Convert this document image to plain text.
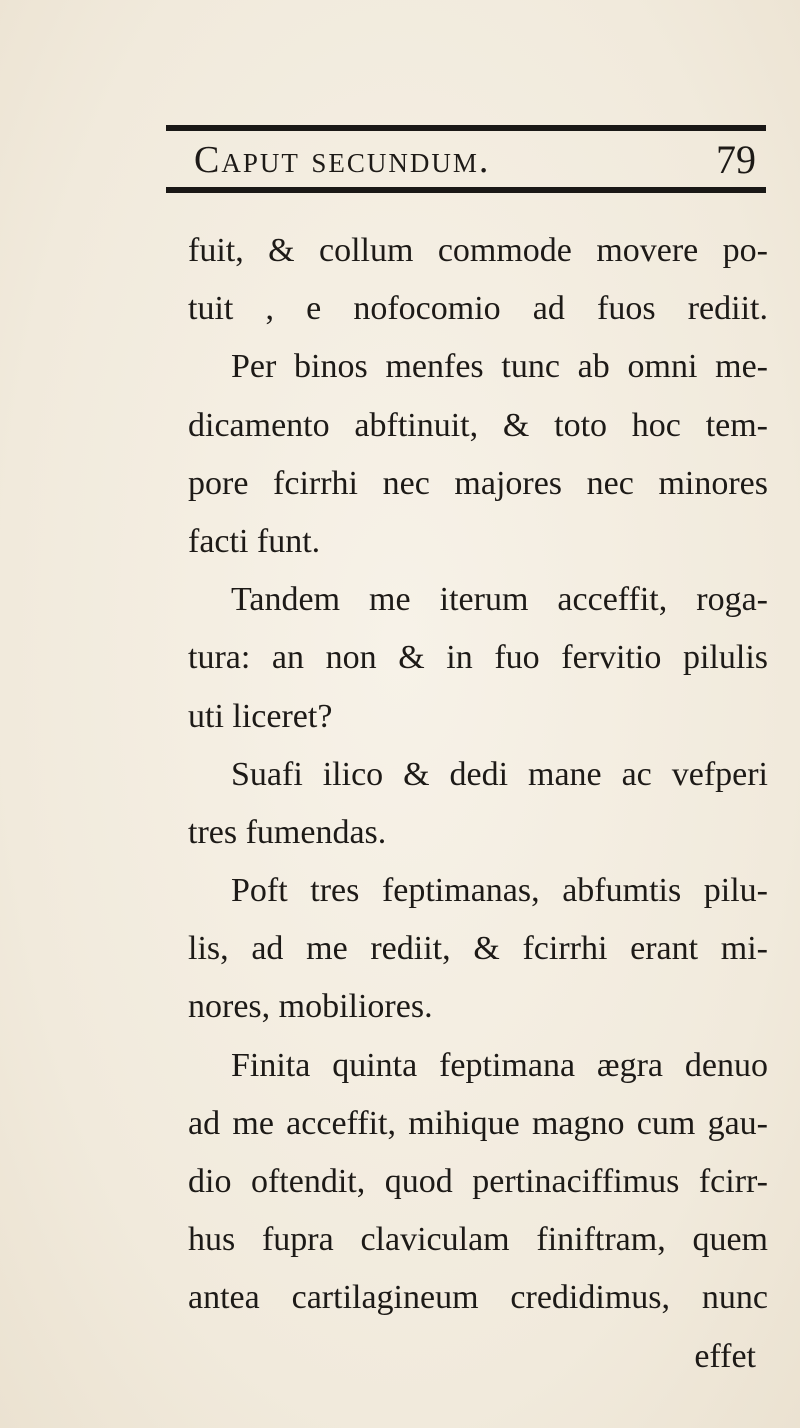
Caput secundum.	79
fuit, & collum commode movere po-
tuit , e nofocomio ad fuos rediit.
Per binos menfes tunc ab omni me-
dicamento abftinuit, & toto hoc tem-
pore fcirrhi nec majores nec minores
facti funt.
Tandem me iterum acceffit, roga-
tura: an non & in fuo fervitio pilulis
uti liceret?
Suafi ilico & dedi mane ac vefperi
tres fumendas.
Poft tres feptimanas, abfumtis pilu-
lis, ad me rediit, & fcirrhi erant mi-
nores, mobiliores.
Finita quinta feptimana ægra denuo
ad me acceffit, mihique magno cum gau-
dio oftendit, quod pertinaciffimus fcirr-
hus fupra claviculam finiftram, quem
antea cartilagineum credidimus, nunc
effet
